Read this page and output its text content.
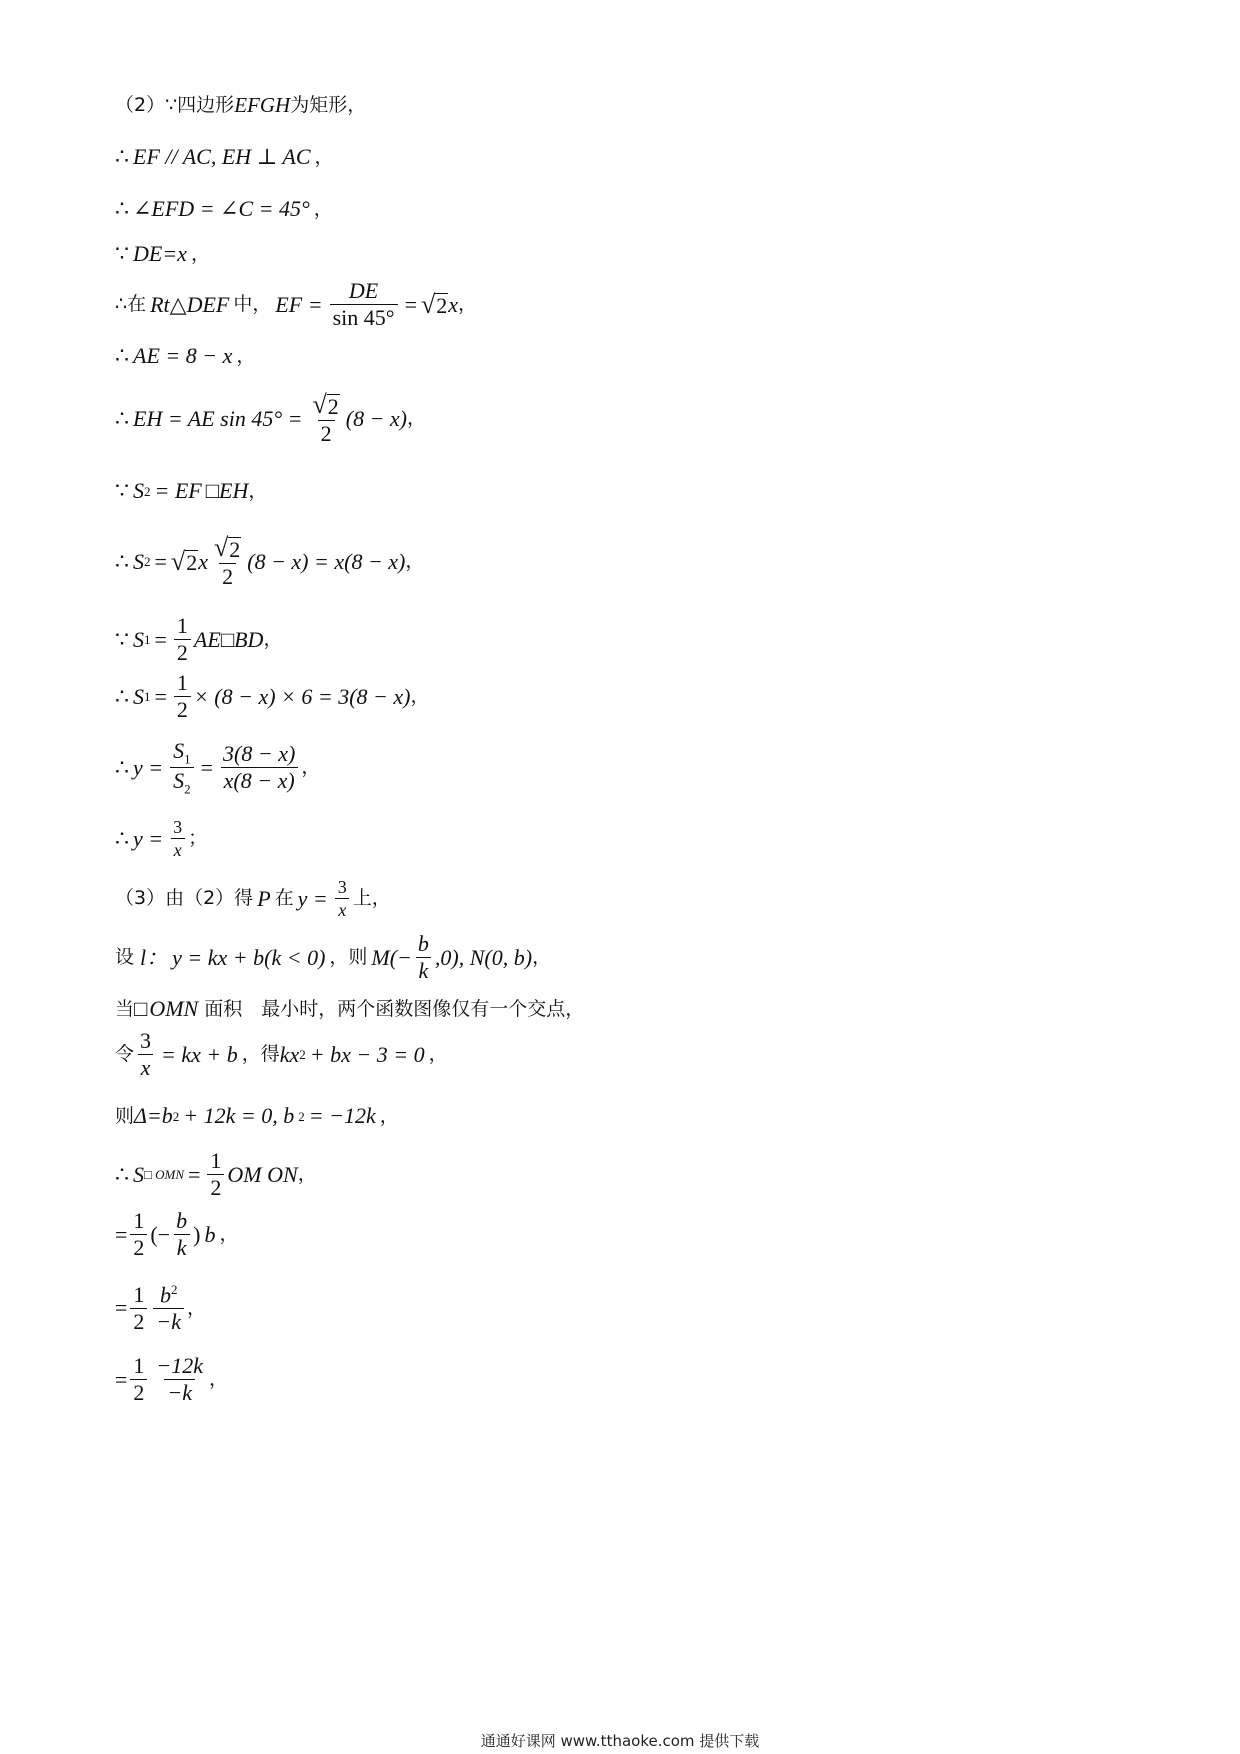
（2）∵四边形 EFGH 为矩形，
∴ EF // AC, EH ⊥ AC ，
∴ ∠EFD = ∠C = 45° ，
∵ DE=x ，
∴在 Rt△DEF 中， EF = $\frac{DE}{\sin 45^\circ}$ = √ 2 x ，
∴ AE = 8 − x ，
∴ EH = AE $\sin 45^\circ = \frac{√ 2}{2} (8 - x)$ ，
∵ S 2 = EF □ EH ，
∴ S 2 = √ 2 x $\frac{√ 2}{2} (8 - x) = x(8 - x)$ ，
∵ S $1 = \frac{1}{2}$ AE □ BD ，
∴ S $1 = \frac{1}{2} \times (8 - x) \times 6 = 3(8 - x)$ ，
∴ $y = \frac{S_1}{S_2} = \frac{3(8 - x)}{x(8 - x)}$ ，
∴ $y = \frac{3}{x}$ ；
（3）由（2）得 P 在 $y = \frac{3}{x}$ 上，
设 l： y = kx + b(k < 0) ，则 $M(- \frac{b}{k} ,0)$, N(0, b) ，
当 □ OMN 面积　最小时，两个函数图像仅有一个交点，
令 $\frac{3}{x}$ = kx + b ，得 kx 2 + bx − 3 = 0 ，
则 Δ=b 2 + 12k = 0, b 2 = −12k ，
∴ S □ OMN = $\frac{1}{2}$ OM ON ，
= $\frac{1}{2}$ (− $\frac{b}{k}$ ) b ，
= $\frac{1}{2} \frac{b^2}{-k}$ ，
= $\frac{1}{2} \frac{-12k}{-k}$ ，
通通好课网 www.tthaoke.com 提供下载
